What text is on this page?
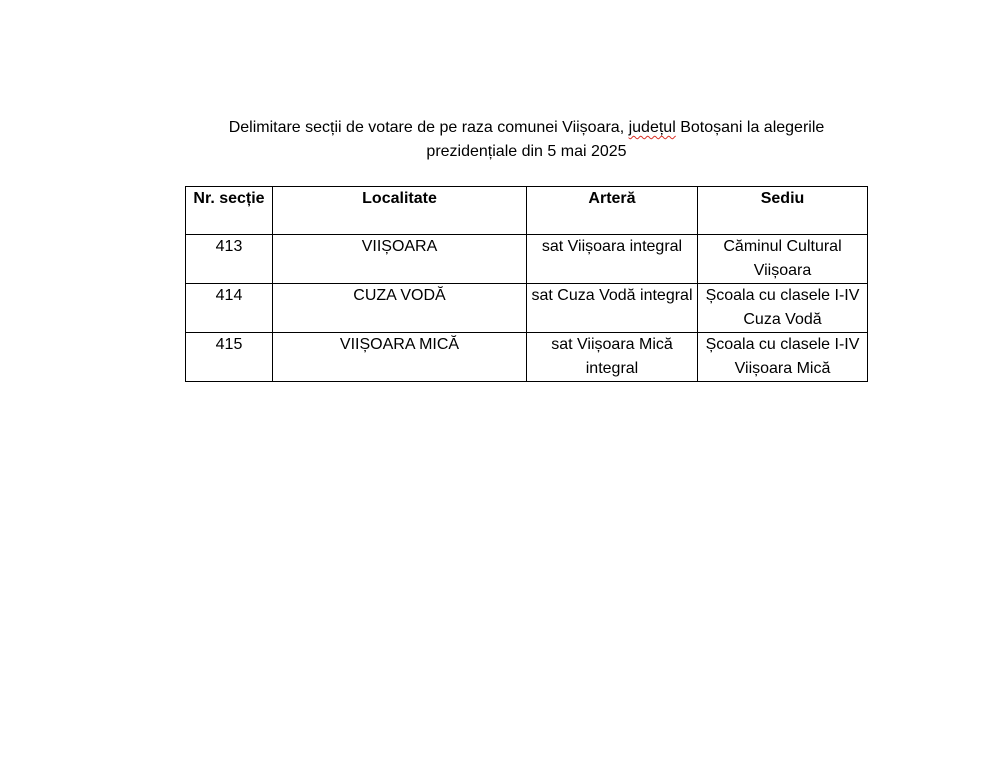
Delimitare secții de votare de pe raza comunei Viișoara, județul Botoșani la alegerile
prezidențiale din 5 mai 2025
Nr. secție	Localitate	Arteră	Sediu
413	VIIȘOARA	sat Viișoara integral	Căminul Cultural Viișoara
414	CUZA VODĂ	sat Cuza Vodă integral	Școala cu clasele I-IV Cuza Vodă
415	VIIȘOARA MICĂ	sat Viișoara Mică integral	Școala cu clasele I-IV Viișoara Mică
